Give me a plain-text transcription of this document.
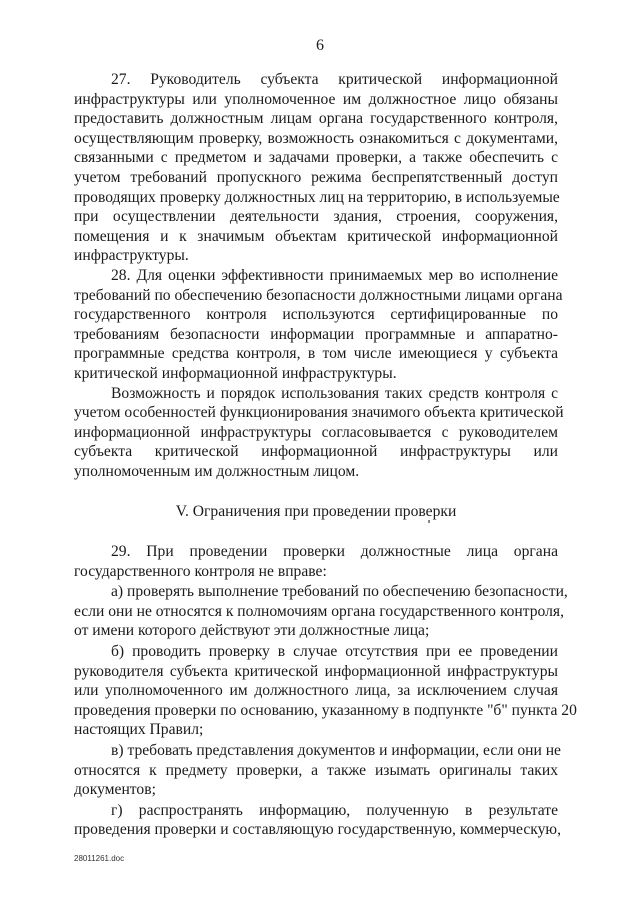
6
27. Руководитель субъекта критической информационной
инфраструктуры или уполномоченное им должностное лицо обязаны
предоставить должностным лицам органа государственного контроля,
осуществляющим проверку, возможность ознакомиться с документами,
связанными с предметом и задачами проверки, а также обеспечить с
учетом требований пропускного режима беспрепятственный доступ
проводящих проверку должностных лиц на территорию, в используемые
при осуществлении деятельности здания, строения, сооружения,
помещения и к значимым объектам критической информационной
инфраструктуры.
28. Для оценки эффективности принимаемых мер во исполнение
требований по обеспечению безопасности должностными лицами органа
государственного контроля используются сертифицированные по
требованиям безопасности информации программные и аппаратно-
программные средства контроля, в том числе имеющиеся у субъекта
критической информационной инфраструктуры.
Возможность и порядок использования таких средств контроля с
учетом особенностей функционирования значимого объекта критической
информационной инфраструктуры согласовывается с руководителем
субъекта критической информационной инфраструктуры или
уполномоченным им должностным лицом.
V. Ограничения при проведении проверки
29. При проведении проверки должностные лица органа
государственного контроля не вправе:
а) проверять выполнение требований по обеспечению безопасности,
если они не относятся к полномочиям органа государственного контроля,
от имени которого действуют эти должностные лица;
б) проводить проверку в случае отсутствия при ее проведении
руководителя субъекта критической информационной инфраструктуры
или уполномоченного им должностного лица, за исключением случая
проведения проверки по основанию, указанному в подпункте "б" пункта 20
настоящих Правил;
в) требовать представления документов и информации, если они не
относятся к предмету проверки, а также изымать оригиналы таких
документов;
г) распространять информацию, полученную в результате
проведения проверки и составляющую государственную, коммерческую,
28011261.doc
